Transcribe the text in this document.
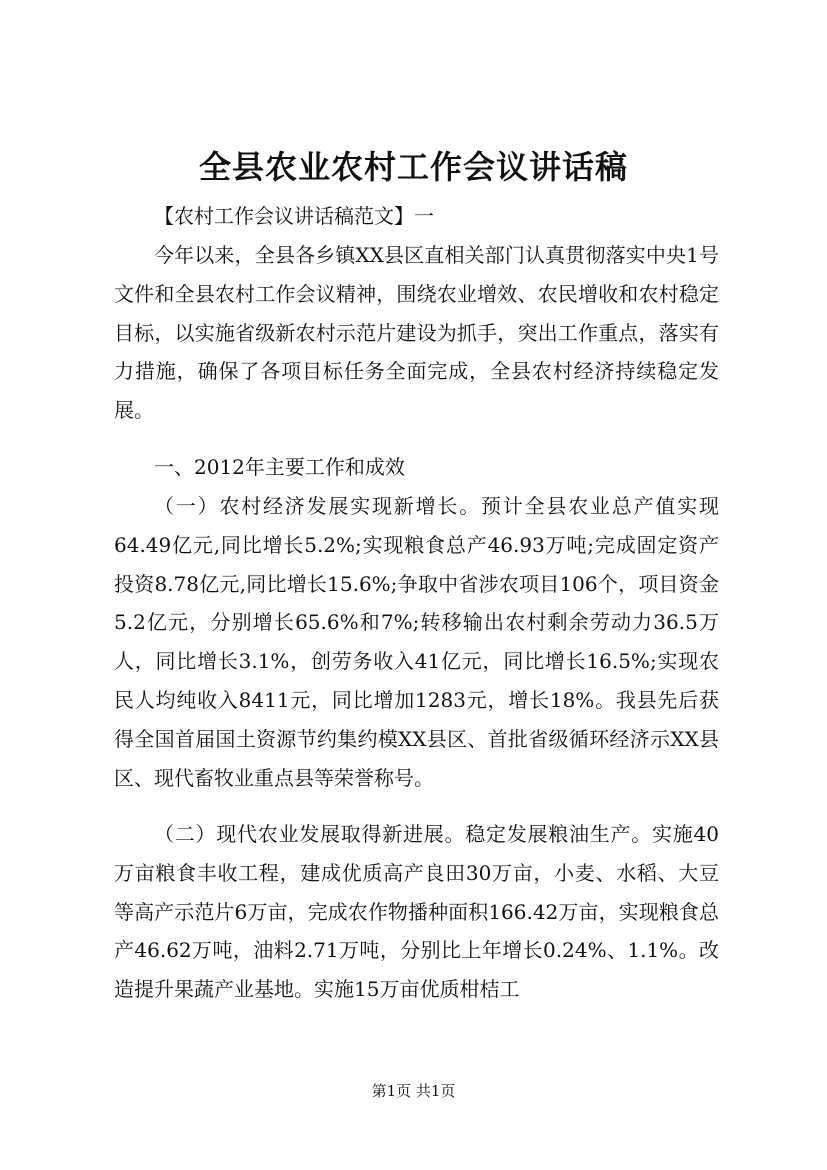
全县农业农村工作会议讲话稿
【农村工作会议讲话稿范文】一
今年以来，全县各乡镇XX县区直相关部门认真贯彻落实中央1号文件和全县农村工作会议精神，围绕农业增效、农民增收和农村稳定目标，以实施省级新农村示范片建设为抓手，突出工作重点，落实有力措施，确保了各项目标任务全面完成，全县农村经济持续稳定发展。
一、2012年主要工作和成效
（一）农村经济发展实现新增长。预计全县农业总产值实现64.49亿元,同比增长5.2%;实现粮食总产46.93万吨;完成固定资产投资8.78亿元,同比增长15.6%;争取中省涉农项目106个，项目资金5.2亿元，分别增长65.6%和7%;转移输出农村剩余劳动力36.5万人，同比增长3.1%，创劳务收入41亿元，同比增长16.5%;实现农民人均纯收入8411元，同比增加1283元，增长18%。我县先后获得全国首届国土资源节约集约模XX县区、首批省级循环经济示XX县区、现代畜牧业重点县等荣誉称号。
（二）现代农业发展取得新进展。稳定发展粮油生产。实施40万亩粮食丰收工程，建成优质高产良田30万亩，小麦、水稻、大豆等高产示范片6万亩，完成农作物播种面积166.42万亩，实现粮食总产46.62万吨，油料2.71万吨，分别比上年增长0.24%、1.1%。改造提升果蔬产业基地。实施15万亩优质柑桔工
第1页 共1页
